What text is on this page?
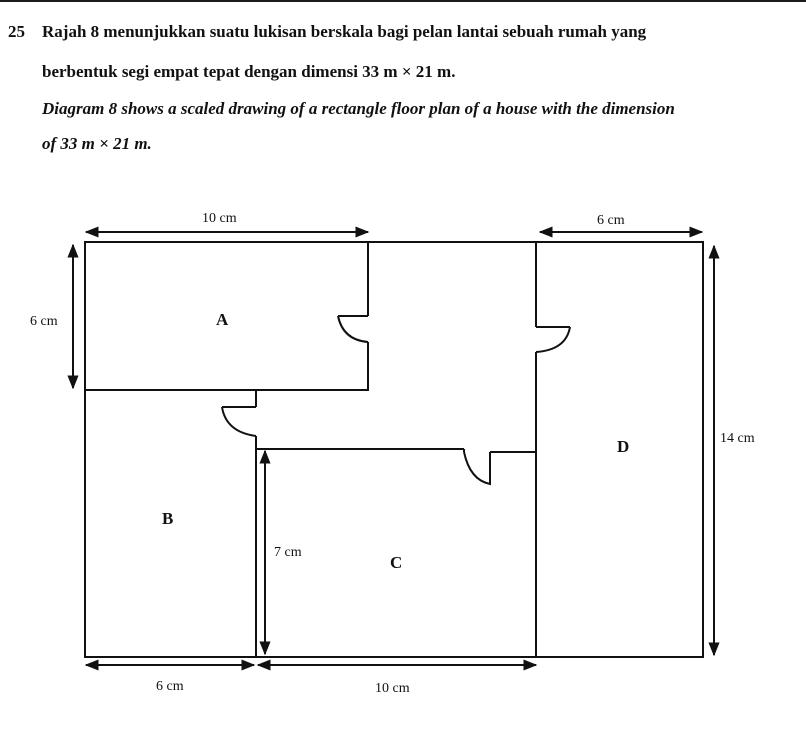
25 Rajah 8 menunjukkan suatu lukisan berskala bagi pelan lantai sebuah rumah yang
berbentuk segi empat tepat dengan dimensi 33 m × 21 m.
Diagram 8 shows a scaled drawing of a rectangle floor plan of a house with the dimension
of 33 m × 21 m.
A
B
C
D
10 cm	6 cm
6 cm
14 cm
7 cm
6 cm	10 cm
